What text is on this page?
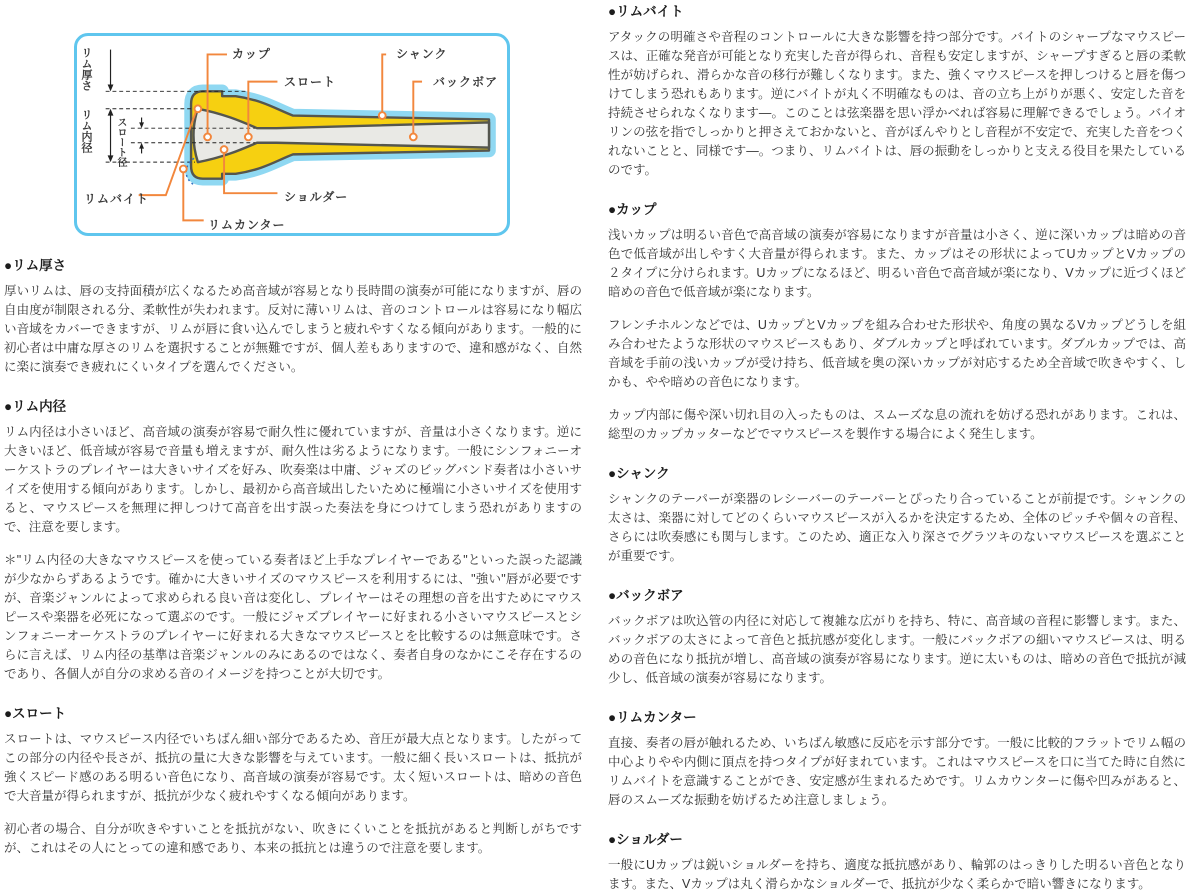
カップ
スロート
シャンク
バックボア
リムバイト	ショルダー
リムカンター
リム厚さ
リム内径 スロート径
●リム厚さ

厚いリムは、唇の支持面積が広くなるため高音域が容易となり長時間の演奏が可能になりますが、唇の自由度が制限される分、柔軟性が失われます。反対に薄いリムは、音のコントロールは容易になり幅広い音域をカバーできますが、リムが唇に食い込んでしまうと疲れやすくなる傾向があります。一般的に初心者は中庸な厚さのリムを選択することが無難ですが、個人差もありますので、違和感がなく、自然に楽に演奏でき疲れにくいタイプを選んでください。

●リム内径

リム内径は小さいほど、高音域の演奏が容易で耐久性に優れていますが、音量は小さくなります。逆に大きいほど、低音域が容易で音量も増えますが、耐久性は劣るようになります。一般にシンフォニーオーケストラのプレイヤーは大きいサイズを好み、吹奏楽は中庸、ジャズのビッグバンド奏者は小さいサイズを使用する傾向があります。しかし、最初から高音域出したいために極端に小さいサイズを使用すると、マウスピースを無理に押しつけて高音を出す誤った奏法を身につけてしまう恐れがありますので、注意を要します。

＊"リム内径の大きなマウスピースを使っている奏者ほど上手なプレイヤーである"といった誤った認識が少なからずあるようです。確かに大きいサイズのマウスピースを利用するには、"強い"唇が必要ですが、音楽ジャンルによって求められる良い音は変化し、プレイヤーはその理想の音を出すためにマウスピースや楽器を必死になって選ぶのです。一般にジャズプレイヤーに好まれる小さいマウスピースとシンフォニーオーケストラのプレイヤーに好まれる大きなマウスピースとを比較するのは無意味です。さらに言えば、リム内径の基準は音楽ジャンルのみにあるのではなく、奏者自身のなかにこそ存在するのであり、各個人が自分の求める音のイメージを持つことが大切です。

●スロート

スロートは、マウスピース内径でいちばん細い部分であるため、音圧が最大点となります。したがってこの部分の内径や長さが、抵抗の量に大きな影響を与えています。一般に細く長いスロートは、抵抗が強くスピード感のある明るい音色になり、高音域の演奏が容易です。太く短いスロートは、暗めの音色で大音量が得られますが、抵抗が少なく疲れやすくなる傾向があります。

初心者の場合、自分が吹きやすいことを抵抗がない、吹きにくいことを抵抗があると判断しがちですが、これはその人にとっての違和感であり、本来の抵抗とは違うので注意を要します。

●リムバイト

アタックの明確さや音程のコントロールに大きな影響を持つ部分です。バイトのシャープなマウスピースは、正確な発音が可能となり充実した音が得られ、音程も安定しますが、シャープすぎると唇の柔軟性が妨げられ、滑らかな音の移行が難しくなります。また、強くマウスピースを押しつけると唇を傷つけてしまう恐れもあります。逆にバイトが丸く不明確なものは、音の立ち上がりが悪く、安定した音を持続させられなくなります―。このことは弦楽器を思い浮かべれば容易に理解できるでしょう。バイオリンの弦を指でしっかりと押さえておかないと、音がぼんやりとし音程が不安定で、充実した音をつくれないことと、同様です―。つまり、リムバイトは、唇の振動をしっかりと支える役目を果たしているのです。

●カップ

浅いカップは明るい音色で高音域の演奏が容易になりますが音量は小さく、逆に深いカップは暗めの音色で低音域が出しやすく大音量が得られます。また、カップはその形状によってUカップとVカップの２タイプに分けられます。Uカップになるほど、明るい音色で高音域が楽になり、Vカップに近づくほど暗めの音色で低音域が楽になります。

フレンチホルンなどでは、UカップとVカップを組み合わせた形状や、角度の異なるVカップどうしを組み合わせたような形状のマウスピースもあり、ダブルカップと呼ばれています。ダブルカップでは、高音域を手前の浅いカップが受け持ち、低音域を奥の深いカップが対応するため全音域で吹きやすく、しかも、やや暗めの音色になります。

カップ内部に傷や深い切れ目の入ったものは、スムーズな息の流れを妨げる恐れがあります。これは、総型のカップカッターなどでマウスピースを製作する場合によく発生します。

●シャンク

シャンクのテーパーが楽器のレシーバーのテーパーとぴったり合っていることが前提です。シャンクの太さは、楽器に対してどのくらいマウスピースが入るかを決定するため、全体のピッチや個々の音程、さらには吹奏感にも関与します。このため、適正な入り深さでグラツキのないマウスピースを選ぶことが重要です。

●バックボア

バックボアは吹込管の内径に対応して複雑な広がりを持ち、特に、高音域の音程に影響します。また、バックボアの太さによって音色と抵抗感が変化します。一般にバックボアの細いマウスピースは、明るめの音色になり抵抗が増し、高音域の演奏が容易になります。逆に太いものは、暗めの音色で抵抗が減少し、低音域の演奏が容易になります。

●リムカンター

直接、奏者の唇が触れるため、いちばん敏感に反応を示す部分です。一般に比較的フラットでリム幅の中心よりやや内側に頂点を持つタイプが好まれています。これはマウスピースを口に当てた時に自然にリムバイトを意識することができ、安定感が生まれるためです。リムカウンターに傷や凹みがあると、唇のスムーズな振動を妨げるため注意しましょう。

●ショルダー

一般にUカップは鋭いショルダーを持ち、適度な抵抗感があり、輪郭のはっきりした明るい音色となります。また、Vカップは丸く滑らかなショルダーで、抵抗が少なく柔らかで暗い響きになります。
